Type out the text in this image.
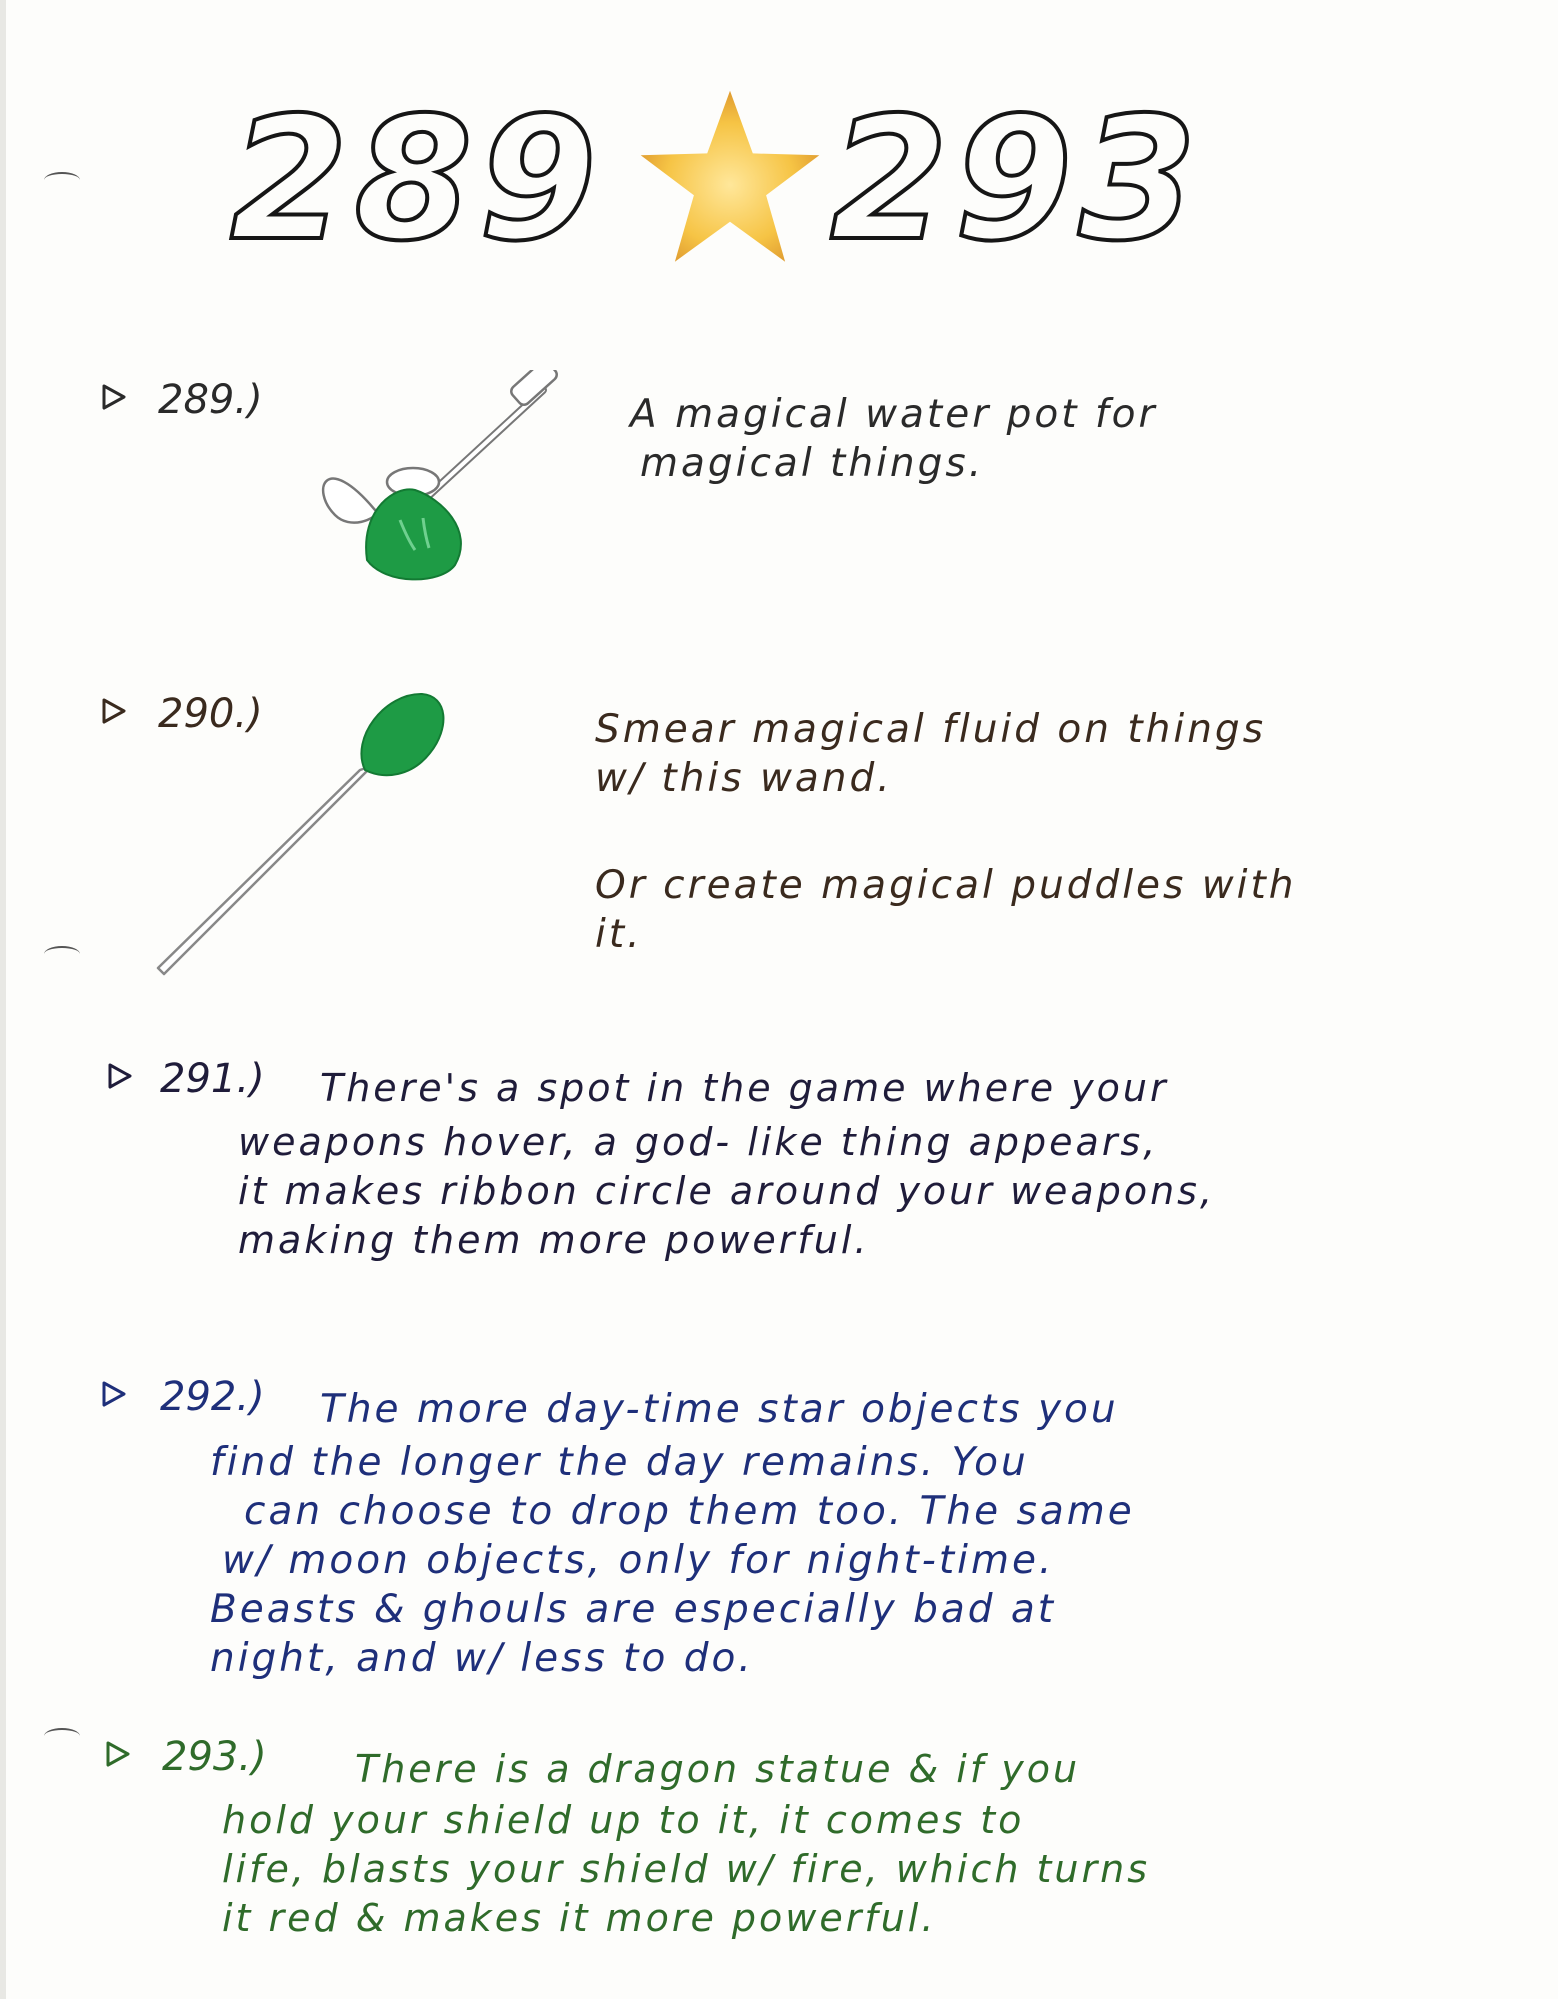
289 293
289.)	A magical water pot for

magical things.

290.)	Smear magical fluid on things

w/ this wand.

Or create magical puddles with

it.

291.) There's a spot in the game where your

weapons hover, a god- like thing appears,

it makes ribbon circle around your weapons,

making them more powerful.

292.) The more day-time star objects you

find the longer the day remains. You

can choose to drop them too. The same

w/ moon objects, only for night-time.

Beasts & ghouls are especially bad at

night, and w/ less to do.

293.) There is a dragon statue & if you

hold your shield up to it, it comes to

life, blasts your shield w/ fire, which turns

it red & makes it more powerful.
